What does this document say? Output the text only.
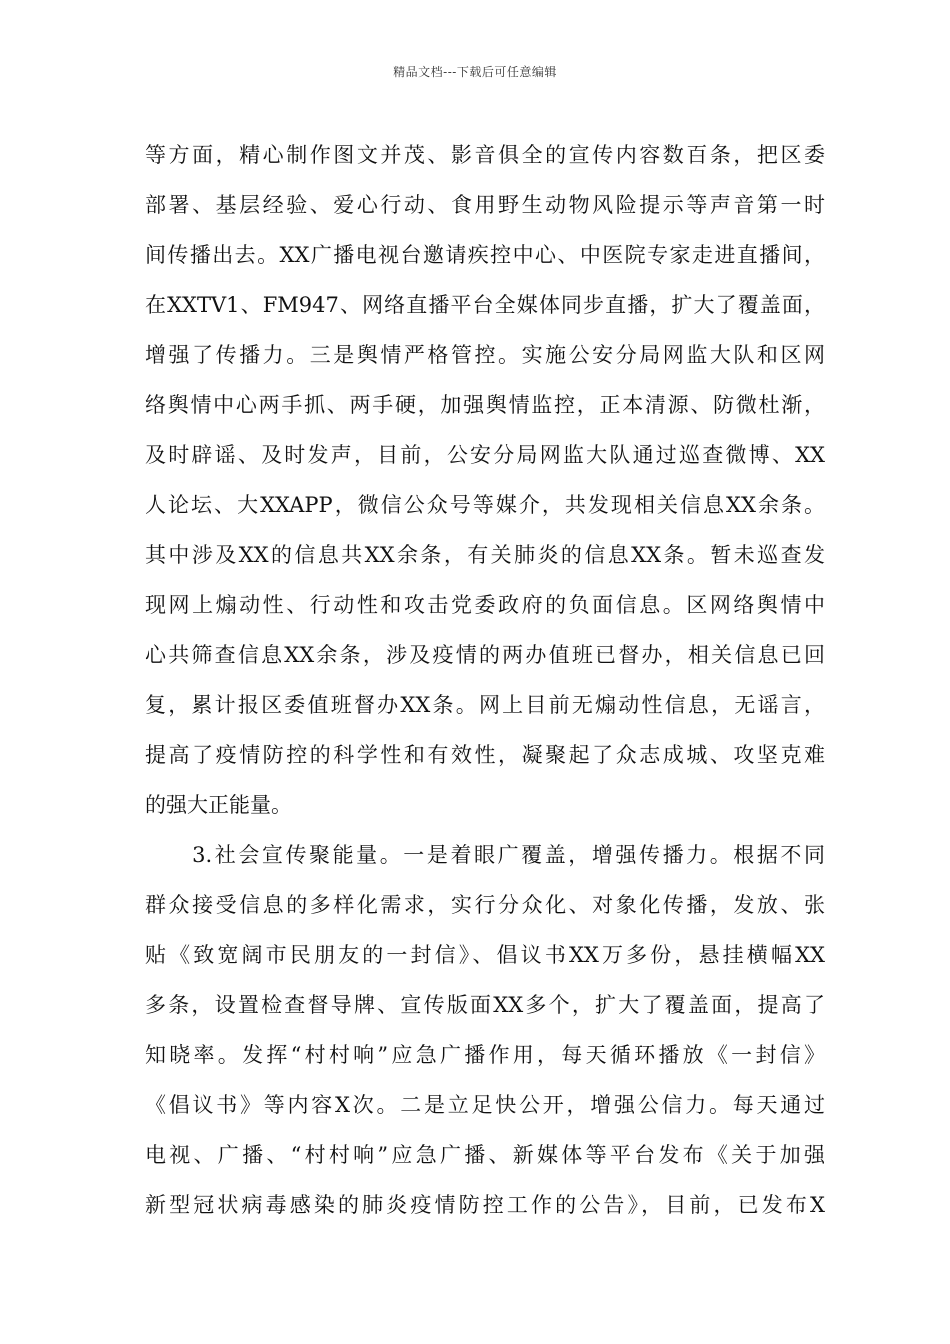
精品文档---下载后可任意编辑
等方面，精心制作图文并茂、影音俱全的宣传内容数百条，把区委
部署、基层经验、爱心行动、食用野生动物风险提示等声音第一时
间传播出去。XX广播电视台邀请疾控中心、中医院专家走进直播间，
在XXTV1、FM947、网络直播平台全媒体同步直播，扩大了覆盖面，
增强了传播力。三是舆情严格管控。实施公安分局网监大队和区网
络舆情中心两手抓、两手硬，加强舆情监控，正本清源、防微杜渐，
及时辟谣、及时发声，目前，公安分局网监大队通过巡查微博、XX
人论坛、大XXAPP，微信公众号等媒介，共发现相关信息XX余条。
其中涉及XX的信息共XX余条，有关肺炎的信息XX条。暂未巡查发
现网上煽动性、行动性和攻击党委政府的负面信息。区网络舆情中
心共筛查信息XX余条，涉及疫情的两办值班已督办，相关信息已回
复，累计报区委值班督办XX条。网上目前无煽动性信息，无谣言，
提高了疫情防控的科学性和有效性，凝聚起了众志成城、攻坚克难
的强大正能量。
　　3.社会宣传聚能量。一是着眼广覆盖，增强传播力。根据不同
群众接受信息的多样化需求，实行分众化、对象化传播，发放、张
贴《致宽阔市民朋友的一封信》、倡议书XX万多份，悬挂横幅XX
多条，设置检查督导牌、宣传版面XX多个，扩大了覆盖面，提高了
知晓率。发挥“村村响”应急广播作用，每天循环播放《一封信》
《倡议书》等内容X次。二是立足快公开，增强公信力。每天通过
电视、广播、“村村响”应急广播、新媒体等平台发布《关于加强
新型冠状病毒感染的肺炎疫情防控工作的公告》，目前，已发布X
